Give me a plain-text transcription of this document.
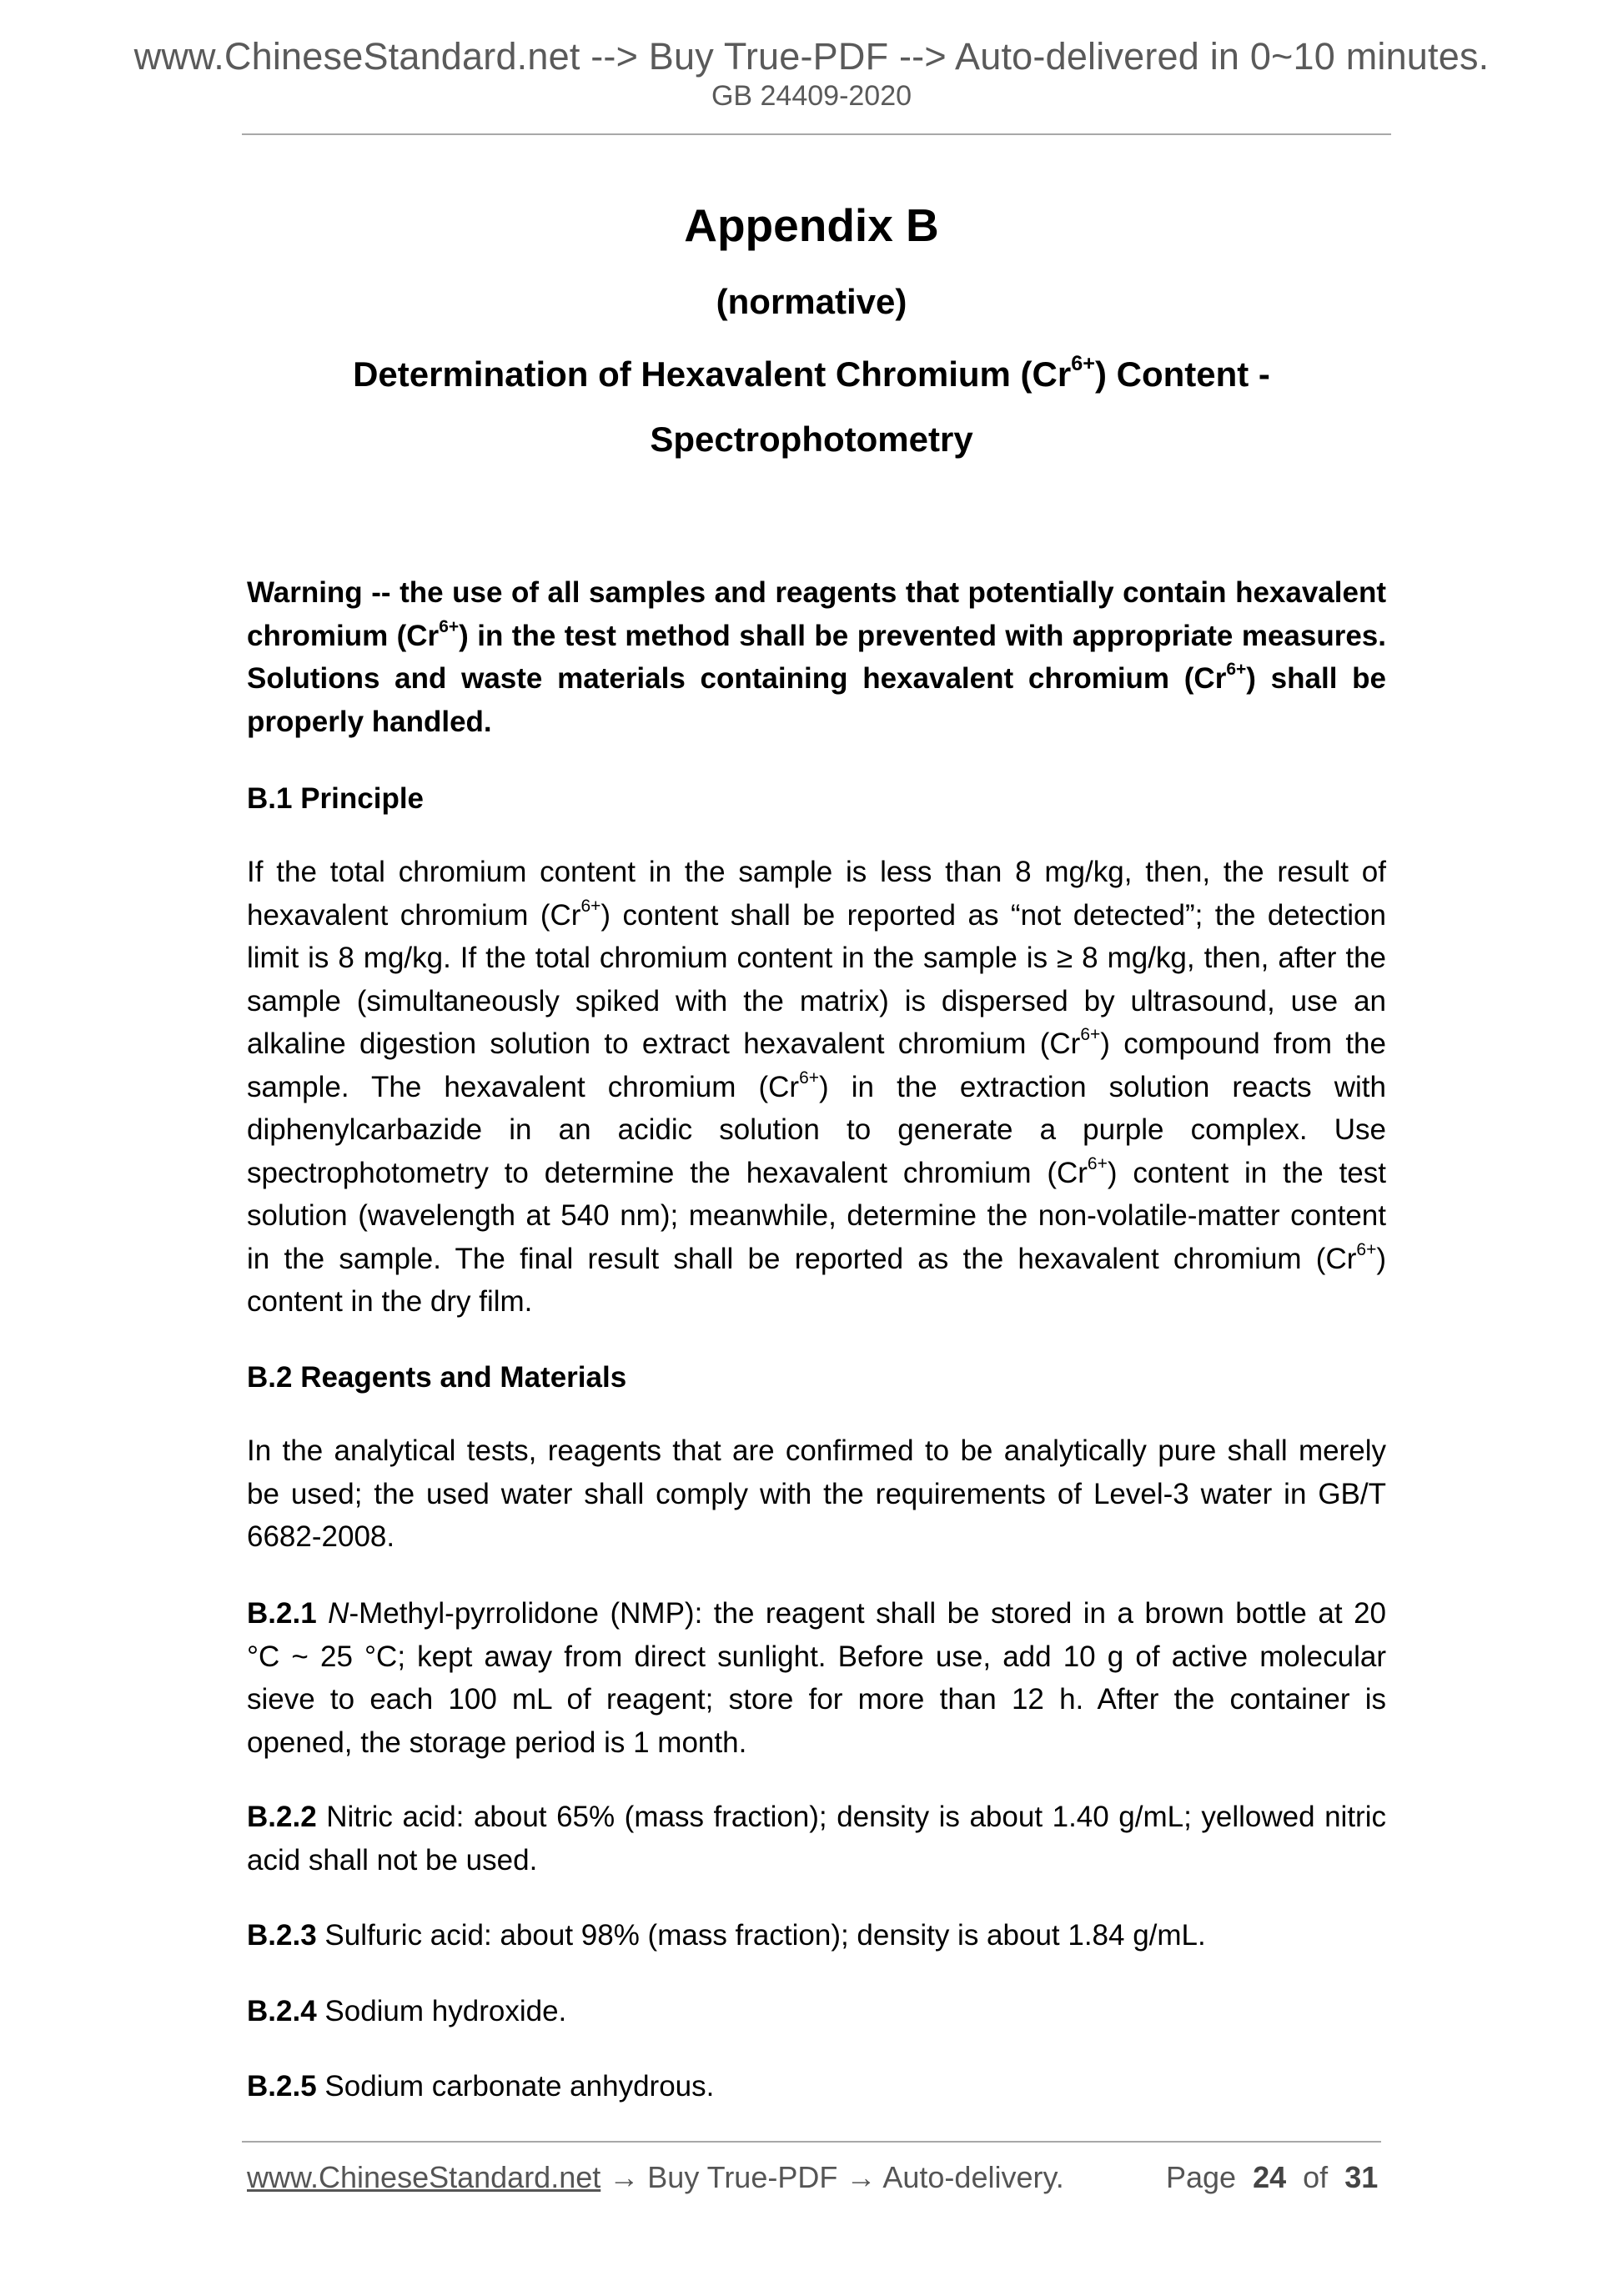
www.ChineseStandard.net --> Buy True-PDF --> Auto-delivered in 0~10 minutes.
GB 24409-2020
Appendix B
(normative)
Determination of Hexavalent Chromium $(Cr^{6+})$ Content -
Spectrophotometry

Warning -- the use of all samples and reagents that potentially contain hexavalent chromium $(Cr^{6+})$ in the test method shall be prevented with appropriate measures. Solutions and waste materials containing hexavalent chromium $(Cr^{6+})$ shall be properly handled.

B.1 Principle

If the total chromium content in the sample is less than 8 mg/kg, then, the result of hexavalent chromium $(Cr^{6+})$ content shall be reported as “not detected”; the detection limit is 8 mg/kg. If the total chromium content in the sample is ≥ 8 mg/kg, then, after the sample (simultaneously spiked with the matrix) is dispersed by ultrasound, use an alkaline digestion solution to extract hexavalent chromium $(Cr^{6+})$ compound from the sample. The hexavalent chromium $(Cr^{6+})$ in the extraction solution reacts with diphenylcarbazide in an acidic solution to generate a purple complex. Use spectrophotometry to determine the hexavalent chromium $(Cr^{6+})$ content in the test solution (wavelength at 540 nm); meanwhile, determine the non-volatile-matter content in the sample. The final result shall be reported as the hexavalent chromium $(Cr^{6+})$ content in the dry film.

B.2 Reagents and Materials

In the analytical tests, reagents that are confirmed to be analytically pure shall merely be used; the used water shall comply with the requirements of Level-3 water in GB/T 6682-2008.

B.2.1 N-Methyl-pyrrolidone (NMP): the reagent shall be stored in a brown bottle at 20 °C ~ 25 °C; kept away from direct sunlight. Before use, add 10 g of active molecular sieve to each 100 mL of reagent; store for more than 12 h. After the container is opened, the storage period is 1 month.

B.2.2 Nitric acid: about 65% (mass fraction); density is about 1.40 g/mL; yellowed nitric acid shall not be used.

B.2.3 Sulfuric acid: about 98% (mass fraction); density is about 1.84 g/mL.

B.2.4 Sodium hydroxide.

B.2.5 Sodium carbonate anhydrous.

www.ChineseStandard.net → Buy True-PDF → Auto-delivery.	Page 24 of 31
